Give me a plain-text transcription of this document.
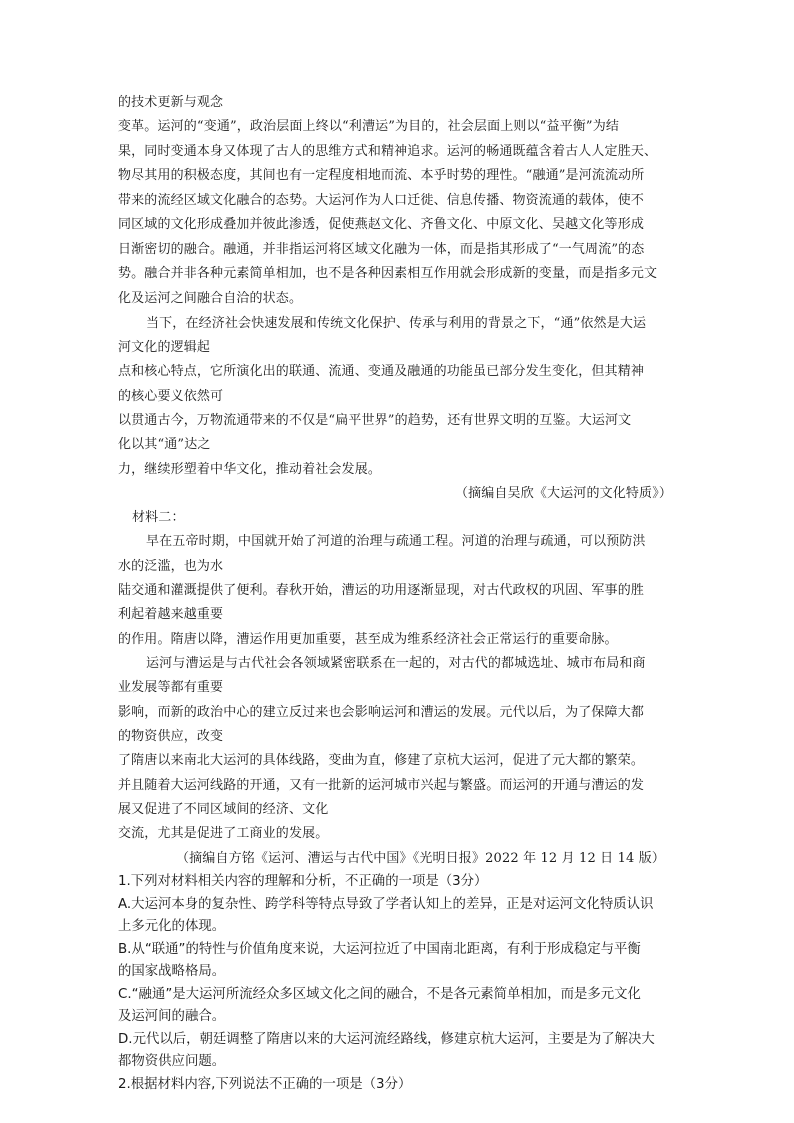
的技术更新与观念
变革。运河的“变通”，政治层面上终以“利漕运”为目的，社会层面上则以“益平衡”为结
果，同时变通本身又体现了古人的思维方式和精神追求。运河的畅通既蕴含着古人人定胜天、
物尽其用的积极态度，其间也有一定程度相地而流、本乎时势的理性。“融通”是河流流动所
带来的流经区域文化融合的态势。大运河作为人口迁徙、信息传播、物资流通的载体，使不
同区域的文化形成叠加并彼此渗透，促使燕赵文化、齐鲁文化、中原文化、吴越文化等形成
日渐密切的融合。融通，并非指运河将区域文化融为一体，而是指其形成了“一气周流”的态
势。融合并非各种元素简单相加，也不是各种因素相互作用就会形成新的变量，而是指多元文
化及运河之间融合自洽的状态。
当下，在经济社会快速发展和传统文化保护、传承与利用的背景之下，“通”依然是大运
河文化的逻辑起
点和核心特点，它所演化出的联通、流通、变通及融通的功能虽已部分发生变化，但其精神
的核心要义依然可
以贯通古今，万物流通带来的不仅是“扁平世界”的趋势，还有世界文明的互鉴。大运河文
化以其“通”达之
力，继续形塑着中华文化，推动着社会发展。
（摘编自吴欣《大运河的文化特质》）
材料二：
早在五帝时期，中国就开始了河道的治理与疏通工程。河道的治理与疏通，可以预防洪
水的泛滥，也为水
陆交通和灌溉提供了便利。春秋开始，漕运的功用逐渐显现，对古代政权的巩固、军事的胜
利起着越来越重要
的作用。隋唐以降，漕运作用更加重要，甚至成为维系经济社会正常运行的重要命脉。
运河与漕运是与古代社会各领域紧密联系在一起的，对古代的都城选址、城市布局和商
业发展等都有重要
影响，而新的政治中心的建立反过来也会影响运河和漕运的发展。元代以后，为了保障大都
的物资供应，改变
了隋唐以来南北大运河的具体线路，变曲为直，修建了京杭大运河，促进了元大都的繁荣。
并且随着大运河线路的开通，又有一批新的运河城市兴起与繁盛。而运河的开通与漕运的发
展又促进了不同区域间的经济、文化
交流，尤其是促进了工商业的发展。
（摘编自方铭《运河、漕运与古代中国》《光明日报》2022 年 12 月 12 日 14 版）
1.下列对材料相关内容的理解和分析，不正确的一项是（3分）
A.大运河本身的复杂性、跨学科等特点导致了学者认知上的差异，正是对运河文化特质认识
上多元化的体现。
B.从“联通”的特性与价值角度来说，大运河拉近了中国南北距离，有利于形成稳定与平衡
的国家战略格局。
C.“融通”是大运河所流经众多区域文化之间的融合，不是各元素简单相加，而是多元文化
及运河间的融合。
D.元代以后，朝廷调整了隋唐以来的大运河流经路线，修建京杭大运河，主要是为了解决大
都物资供应问题。
2.根据材料内容,下列说法不正确的一项是（3分）
